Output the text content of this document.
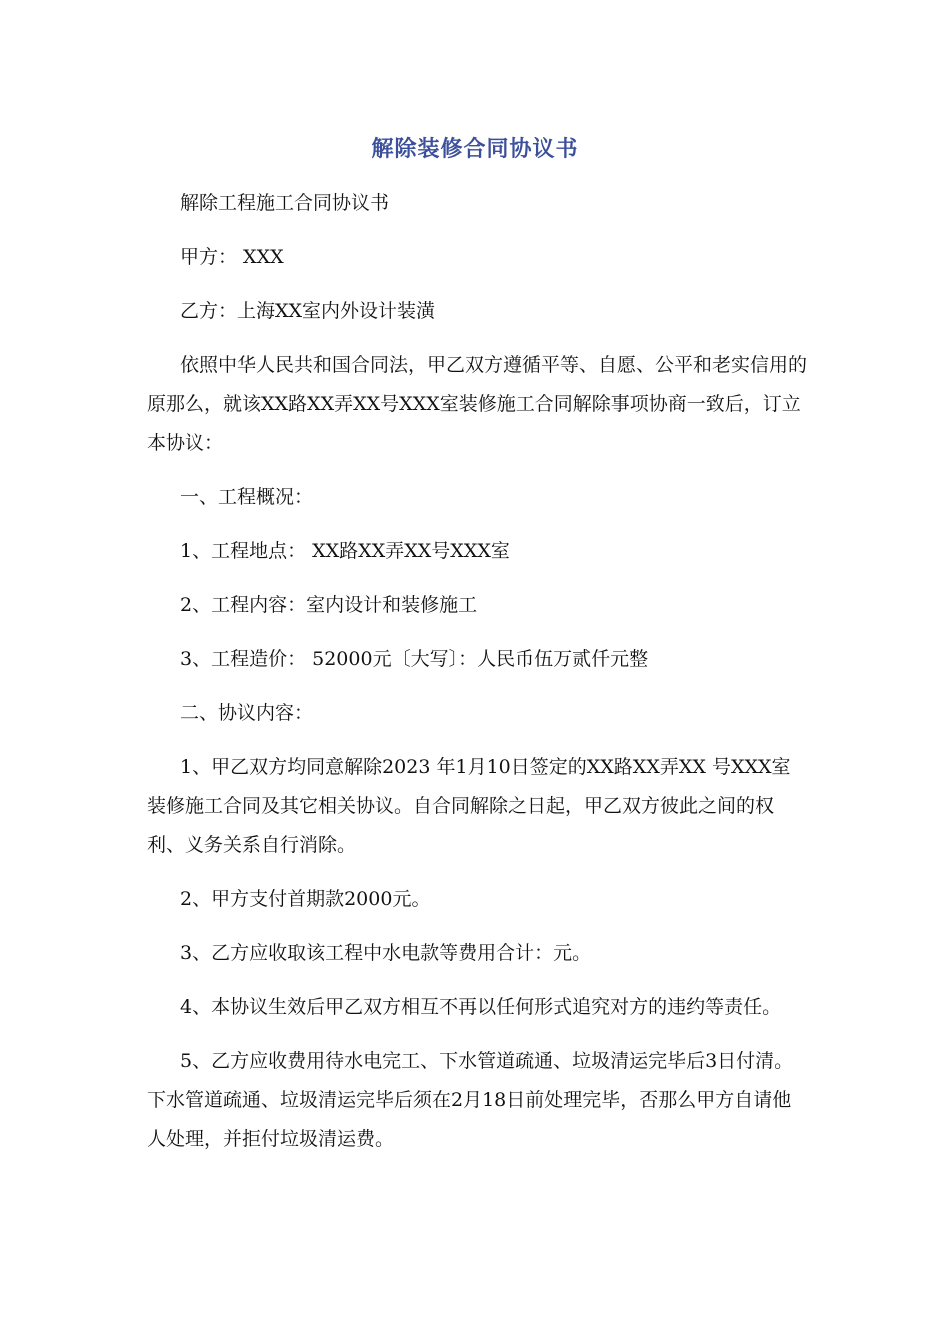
解除装修合同协议书

解除工程施工合同协议书

甲方： XXX

乙方：上海XX室内外设计装潢

依照中华人民共和国合同法，甲乙双方遵循平等、自愿、公平和老实信用的原那么，就该XX路XX弄XX号XXX室装修施工合同解除事项协商一致后，订立本协议：

一、工程概况：

1、工程地点： XX路XX弄XX号XXX室

2、工程内容：室内设计和装修施工

3、工程造价： 52000元〔大写〕：人民币伍万贰仟元整

二、协议内容：

1、甲乙双方均同意解除2023 年1月10日签定的XX路XX弄XX 号XXX室装修施工合同及其它相关协议。自合同解除之日起，甲乙双方彼此之间的权利、义务关系自行消除。

2、甲方支付首期款2000元。

3、乙方应收取该工程中水电款等费用合计：元。

4、本协议生效后甲乙双方相互不再以任何形式追究对方的违约等责任。

5、乙方应收费用待水电完工、下水管道疏通、垃圾清运完毕后3日付清。下水管道疏通、垃圾清运完毕后须在2月18日前处理完毕，否那么甲方自请他人处理，并拒付垃圾清运费。
